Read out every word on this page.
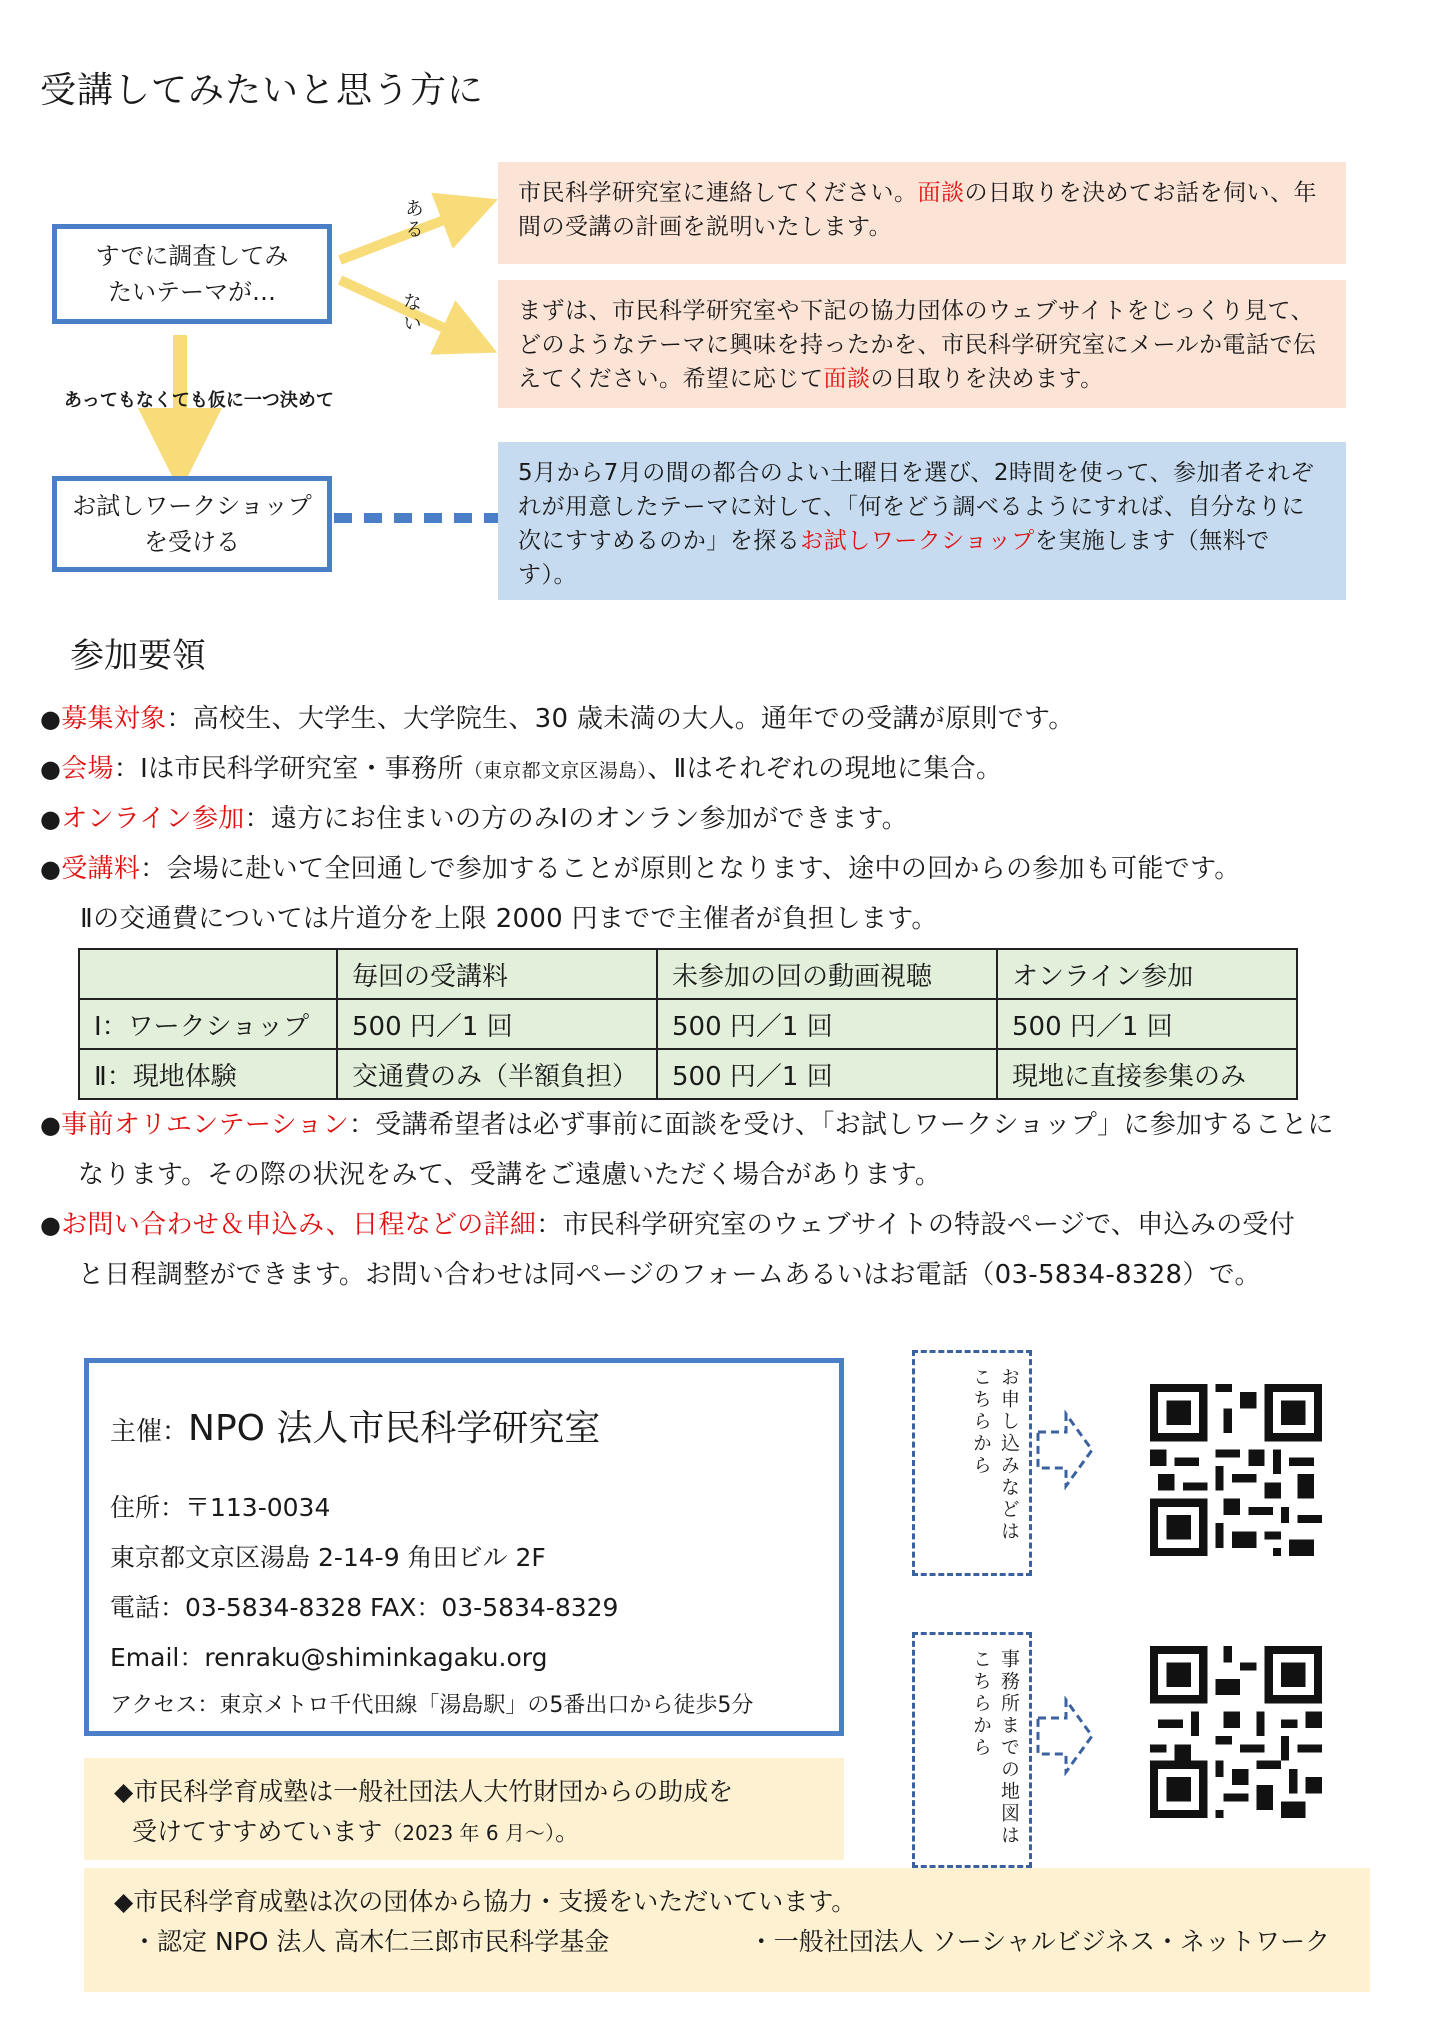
受講してみたいと思う方に
すでに調査してみ
たいテーマが…
ある
ない
あってもなくても仮に一つ決めて
お試しワークショップ
を受ける
市民科学研究室に連絡してください。面談の日取りを決めてお話を伺い、年間の受講の計画を説明いたします。
まずは、市民科学研究室や下記の協力団体のウェブサイトをじっくり見て、どのようなテーマに興味を持ったかを、市民科学研究室にメールか電話で伝えてください。希望に応じて面談の日取りを決めます。
5月から7月の間の都合のよい土曜日を選び、2時間を使って、参加者それぞれが用意したテーマに対して、「何をどう調べるようにすれば、自分なりに次にすすめるのか」を探るお試しワークショップを実施します（無料です）。
参加要領
●募集対象：高校生、大学生、大学院生、30 歳未満の大人。通年での受講が原則です。
●会場：Ⅰは市民科学研究室・事務所（東京都文京区湯島）、Ⅱはそれぞれの現地に集合。
●オンライン参加：遠方にお住まいの方のみⅠのオンラン参加ができます。
●受講料：会場に赴いて全回通しで参加することが原則となります、途中の回からの参加も可能です。
Ⅱの交通費については片道分を上限 2000 円までで主催者が負担します。
	毎回の受講料	未参加の回の動画視聴	オンライン参加
Ⅰ：ワークショップ	500 円／1 回	500 円／1 回	500 円／1 回
Ⅱ：現地体験	交通費のみ（半額負担）	500 円／1 回	現地に直接参集のみ
●事前オリエンテーション：受講希望者は必ず事前に面談を受け、「お試しワークショップ」に参加することに
なります。その際の状況をみて、受講をご遠慮いただく場合があります。
●お問い合わせ＆申込み、日程などの詳細：市民科学研究室のウェブサイトの特設ページで、申込みの受付
と日程調整ができます。お問い合わせは同ページのフォームあるいはお電話（03-5834-8328）で。
主催：NPO 法人市民科学研究室
住所：〒113-0034
東京都文京区湯島 2-14-9 角田ビル 2F
電話：03-5834-8328 FAX：03-5834-8329
Email：renraku@shiminkagaku.org
アクセス：東京メトロ千代田線「湯島駅」の5番出口から徒歩5分
お申し込みなどはこちらから
事務所までの地図はこちらから
◆市民科学育成塾は一般社団法人大竹財団からの助成を
受けてすすめています（2023 年 6 月～）。
◆市民科学育成塾は次の団体から協力・支援をいただいています。
・認定 NPO 法人 高木仁三郎市民科学基金	・一般社団法人 ソーシャルビジネス・ネットワーク
